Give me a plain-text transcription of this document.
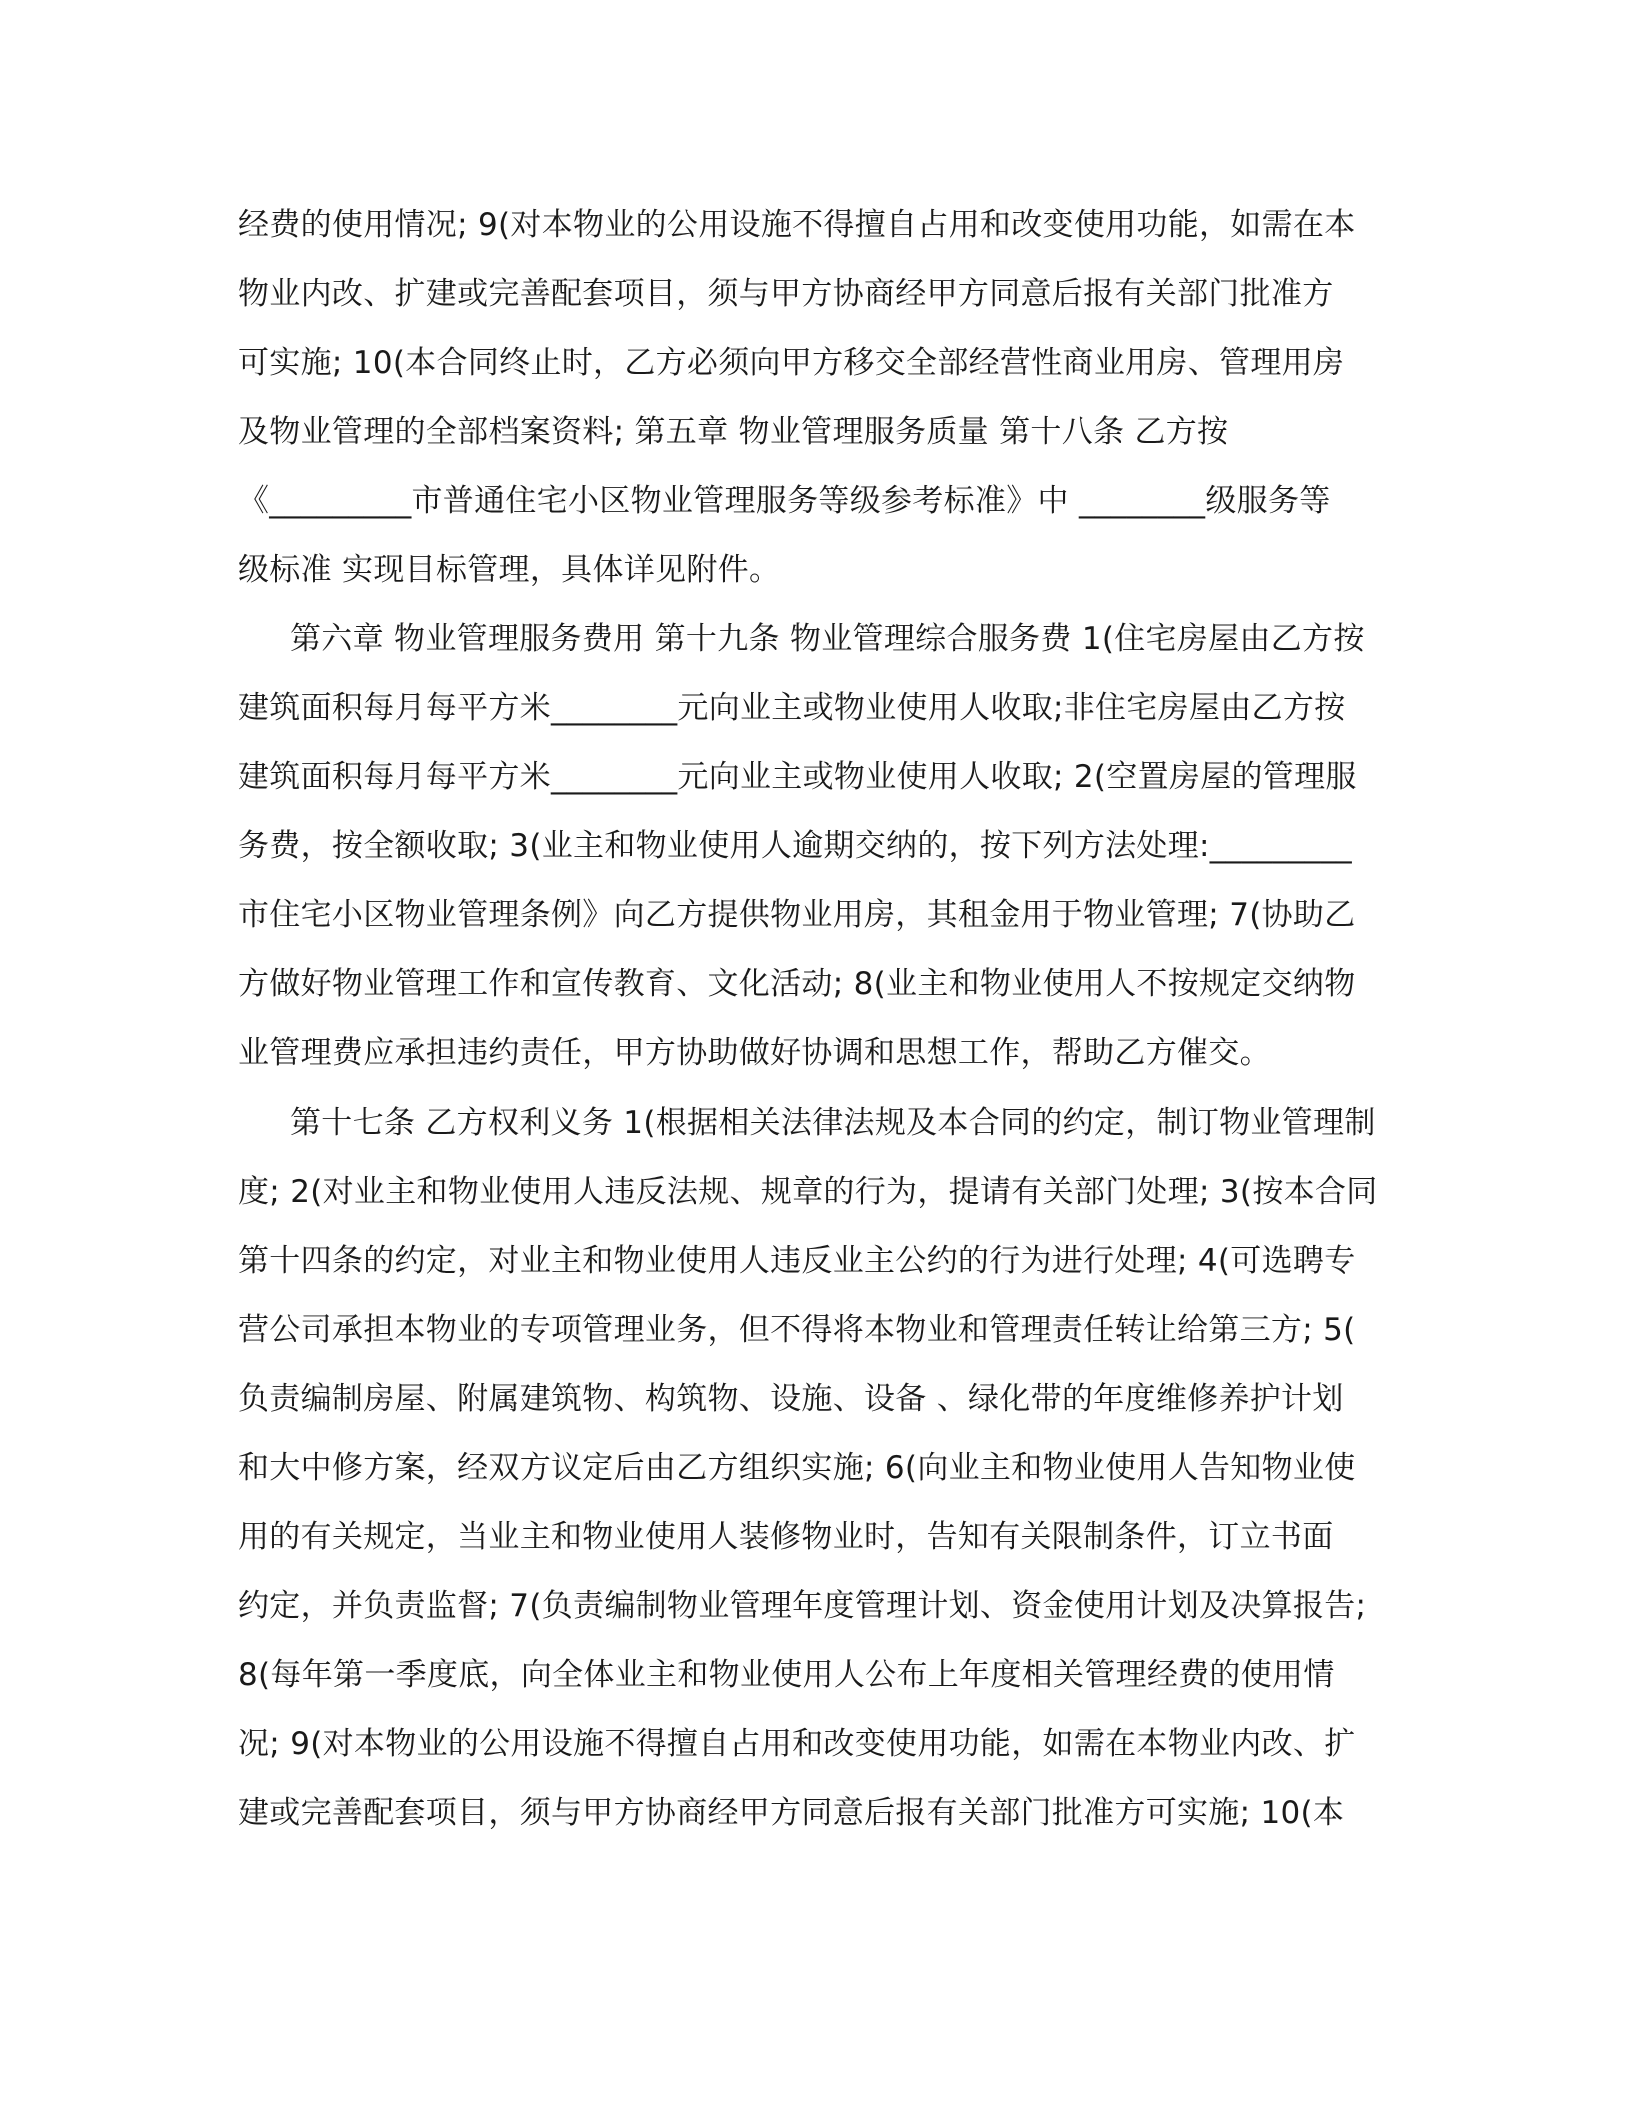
经费的使用情况; 9(对本物业的公用设施不得擅自占用和改变使用功能，如需在本
物业内改、扩建或完善配套项目，须与甲方协商经甲方同意后报有关部门批准方
可实施; 10(本合同终止时，乙方必须向甲方移交全部经营性商业用房、管理用房
及物业管理的全部档案资料; 第五章 物业管理服务质量 第十八条 乙方按
《_________市普通住宅小区物业管理服务等级参考标准》中 ________级服务等
级标准 实现目标管理，具体详见附件。
第六章 物业管理服务费用 第十九条 物业管理综合服务费 1(住宅房屋由乙方按
建筑面积每月每平方米________元向业主或物业使用人收取;非住宅房屋由乙方按
建筑面积每月每平方米________元向业主或物业使用人收取; 2(空置房屋的管理服
务费，按全额收取; 3(业主和物业使用人逾期交纳的，按下列方法处理:_________
市住宅小区物业管理条例》向乙方提供物业用房，其租金用于物业管理; 7(协助乙
方做好物业管理工作和宣传教育、文化活动; 8(业主和物业使用人不按规定交纳物
业管理费应承担违约责任，甲方协助做好协调和思想工作，帮助乙方催交。
第十七条 乙方权利义务 1(根据相关法律法规及本合同的约定，制订物业管理制
度; 2(对业主和物业使用人违反法规、规章的行为，提请有关部门处理; 3(按本合同
第十四条的约定，对业主和物业使用人违反业主公约的行为进行处理; 4(可选聘专
营公司承担本物业的专项管理业务，但不得将本物业和管理责任转让给第三方; 5(
负责编制房屋、附属建筑物、构筑物、设施、设备 、绿化带的年度维修养护计划
和大中修方案，经双方议定后由乙方组织实施; 6(向业主和物业使用人告知物业使
用的有关规定，当业主和物业使用人装修物业时，告知有关限制条件，订立书面
约定，并负责监督; 7(负责编制物业管理年度管理计划、资金使用计划及决算报告;
8(每年第一季度底，向全体业主和物业使用人公布上年度相关管理经费的使用情
况; 9(对本物业的公用设施不得擅自占用和改变使用功能，如需在本物业内改、扩
建或完善配套项目，须与甲方协商经甲方同意后报有关部门批准方可实施; 10(本
